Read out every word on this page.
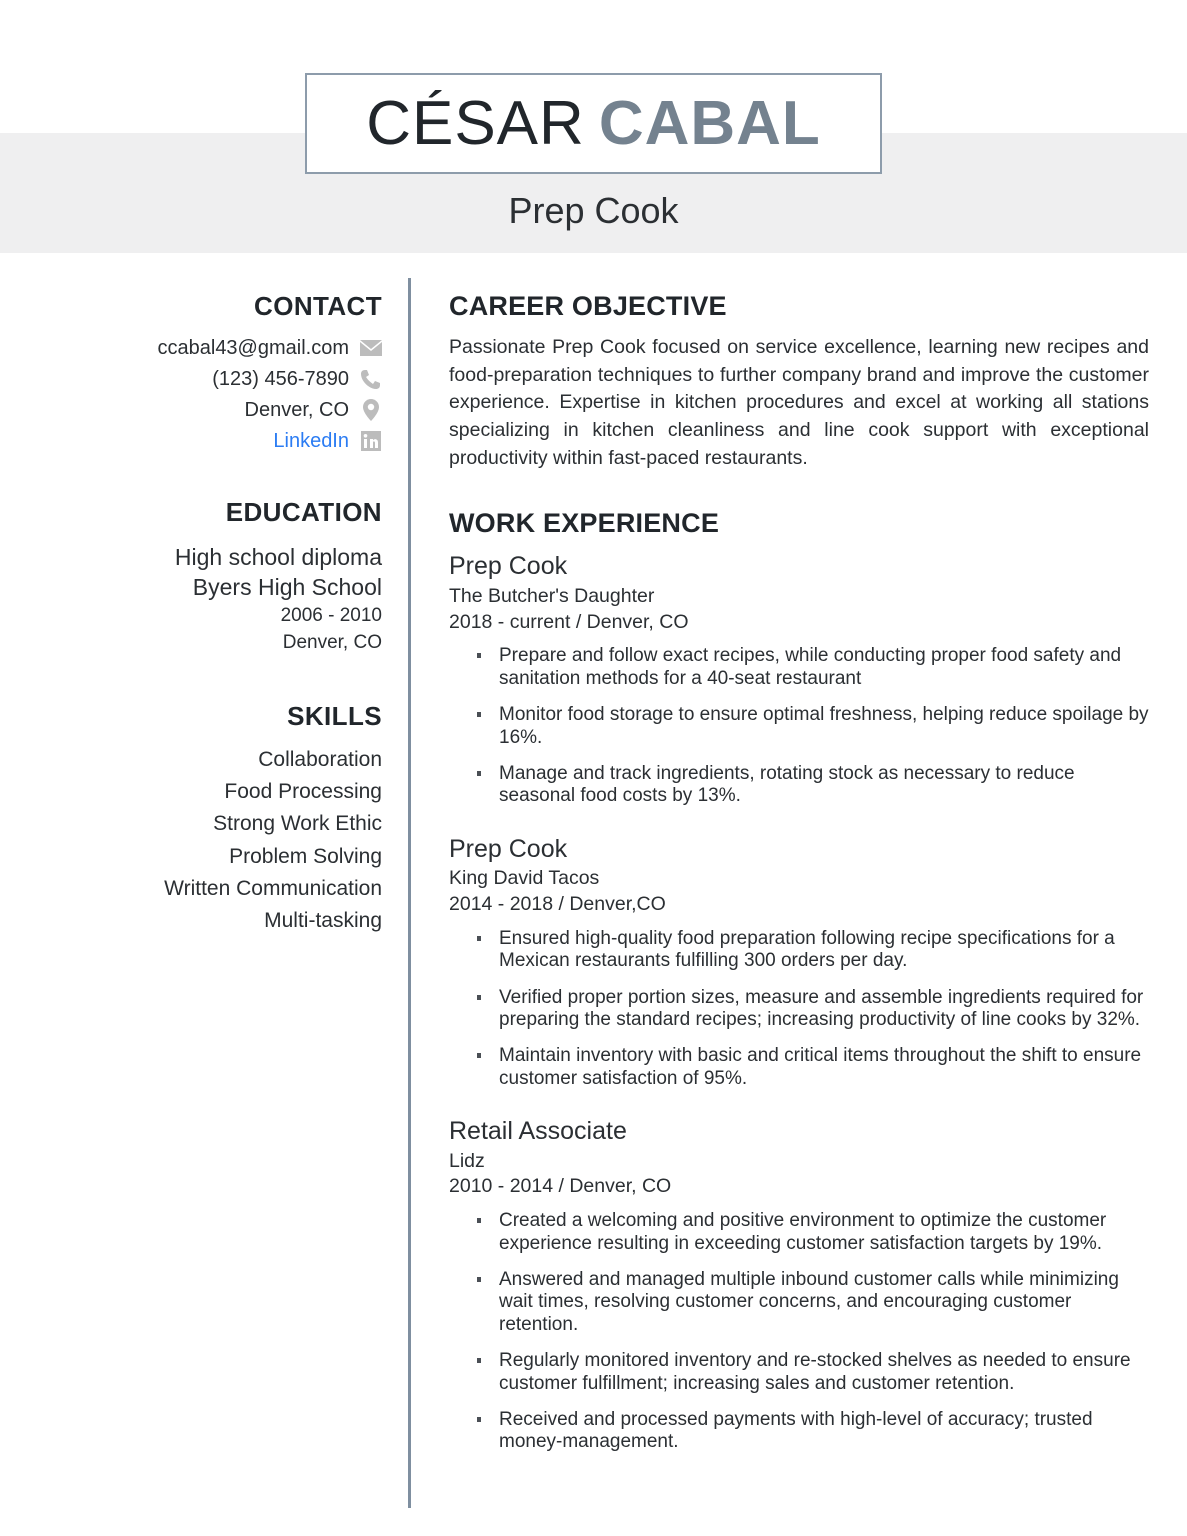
CÉSAR CABAL
Prep Cook
CONTACT
ccabal43@gmail.com
(123) 456-7890
Denver, CO
LinkedIn
EDUCATION
High school diploma
Byers High School
2006 - 2010
Denver, CO
SKILLS
Collaboration
Food Processing
Strong Work Ethic
Problem Solving
Written Communication
Multi-tasking
CAREER OBJECTIVE
Passionate Prep Cook focused on service excellence, learning new recipes and food-preparation techniques to further company brand and improve the customer experience. Expertise in kitchen procedures and excel at working all stations specializing in kitchen cleanliness and line cook support with exceptional productivity within fast-paced restaurants.
WORK EXPERIENCE
Prep Cook
The Butcher's Daughter
2018 - current / Denver, CO
Prepare and follow exact recipes, while conducting proper food safety and sanitation methods for a 40-seat restaurant
Monitor food storage to ensure optimal freshness, helping reduce spoilage by 16%.
Manage and track ingredients, rotating stock as necessary to reduce seasonal food costs by 13%.
Prep Cook
King David Tacos
2014 - 2018 / Denver,CO
Ensured high-quality food preparation following recipe specifications for a Mexican restaurants fulfilling 300 orders per day.
Verified proper portion sizes, measure and assemble ingredients required for preparing the standard recipes; increasing productivity of line cooks by 32%.
Maintain inventory with basic and critical items throughout the shift to ensure customer satisfaction of 95%.
Retail Associate
Lidz
2010 - 2014 / Denver, CO
Created a welcoming and positive environment to optimize the customer experience resulting in exceeding customer satisfaction targets by 19%.
Answered and managed multiple inbound customer calls while minimizing wait times, resolving customer concerns, and encouraging customer retention.
Regularly monitored inventory and re-stocked shelves as needed to ensure customer fulfillment; increasing sales and customer retention.
Received and processed payments with high-level of accuracy; trusted money-management.
